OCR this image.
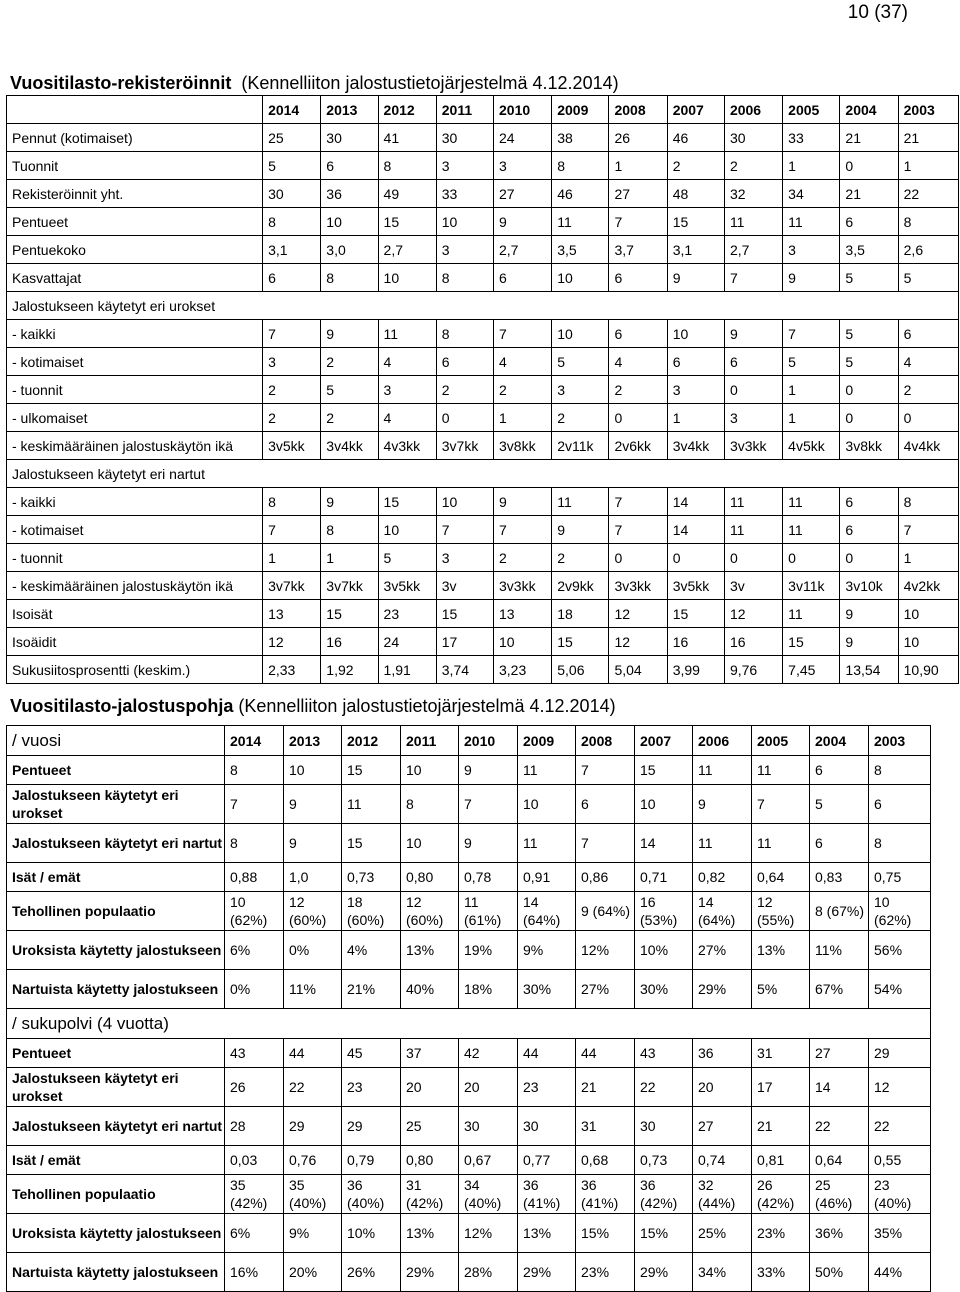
10 (37)
Vuositilasto-rekisteröinnit  (Kennelliiton jalostustietojärjestelmä 4.12.2014)
	2014	2013	2012	2011	2010	2009	2008	2007	2006	2005	2004	2003
Pennut (kotimaiset)	25	30	41	30	24	38	26	46	30	33	21	21
Tuonnit	5	6	8	3	3	8	1	2	2	1	0	1
Rekisteröinnit yht.	30	36	49	33	27	46	27	48	32	34	21	22
Pentueet	8	10	15	10	9	11	7	15	11	11	6	8
Pentuekoko	3,1	3,0	2,7	3	2,7	3,5	3,7	3,1	2,7	3	3,5	2,6
Kasvattajat	6	8	10	8	6	10	6	9	7	9	5	5
Jalostukseen käytetyt eri urokset												
- kaikki	7	9	11	8	7	10	6	10	9	7	5	6
- kotimaiset	3	2	4	6	4	5	4	6	6	5	5	4
- tuonnit	2	5	3	2	2	3	2	3	0	1	0	2
- ulkomaiset	2	2	4	0	1	2	0	1	3	1	0	0
- keskimääräinen jalostuskäytön ikä	3v5kk	3v4kk	4v3kk	3v7kk	3v8kk	2v11k	2v6kk	3v4kk	3v3kk	4v5kk	3v8kk	4v4kk
Jalostukseen käytetyt eri nartut												
- kaikki	8	9	15	10	9	11	7	14	11	11	6	8
- kotimaiset	7	8	10	7	7	9	7	14	11	11	6	7
- tuonnit	1	1	5	3	2	2	0	0	0	0	0	1
- keskimääräinen jalostuskäytön ikä	3v7kk	3v7kk	3v5kk	3v	3v3kk	2v9kk	3v3kk	3v5kk	3v	3v11k	3v10k	4v2kk
Isoisät	13	15	23	15	13	18	12	15	12	11	9	10
Isoäidit	12	16	24	17	10	15	12	16	16	15	9	10
Sukusiitosprosentti (keskim.)	2,33	1,92	1,91	3,74	3,23	5,06	5,04	3,99	9,76	7,45	13,54	10,90
Vuositilasto-jalostuspohja (Kennelliiton jalostustietojärjestelmä 4.12.2014)
/ vuosi	2014	2013	2012	2011	2010	2009	2008	2007	2006	2005	2004	2003
Pentueet	8	10	15	10	9	11	7	15	11	11	6	8
Jalostukseen käytetyt eri urokset	7	9	11	8	7	10	6	10	9	7	5	6
Jalostukseen käytetyt eri nartut	8	9	15	10	9	11	7	14	11	11	6	8
Isät / emät	0,88	1,0	0,73	0,80	0,78	0,91	0,86	0,71	0,82	0,64	0,83	0,75
Tehollinen populaatio	10 (62%)	12 (60%)	18 (60%)	12 (60%)	11 (61%)	14 (64%)	9 (64%)	16 (53%)	14 (64%)	12 (55%)	8 (67%)	10 (62%)
Uroksista käytetty jalostukseen	6%	0%	4%	13%	19%	9%	12%	10%	27%	13%	11%	56%
Nartuista käytetty jalostukseen	0%	11%	21%	40%	18%	30%	27%	30%	29%	5%	67%	54%
/ sukupolvi (4 vuotta)												
Pentueet	43	44	45	37	42	44	44	43	36	31	27	29
Jalostukseen käytetyt eri urokset	26	22	23	20	20	23	21	22	20	17	14	12
Jalostukseen käytetyt eri nartut	28	29	29	25	30	30	31	30	27	21	22	22
Isät / emät	0,03	0,76	0,79	0,80	0,67	0,77	0,68	0,73	0,74	0,81	0,64	0,55
Tehollinen populaatio	35 (42%)	35 (40%)	36 (40%)	31 (42%)	34 (40%)	36 (41%)	36 (41%)	36 (42%)	32 (44%)	26 (42%)	25 (46%)	23 (40%)
Uroksista käytetty jalostukseen	6%	9%	10%	13%	12%	13%	15%	15%	25%	23%	36%	35%
Nartuista käytetty jalostukseen	16%	20%	26%	29%	28%	29%	23%	29%	34%	33%	50%	44%
